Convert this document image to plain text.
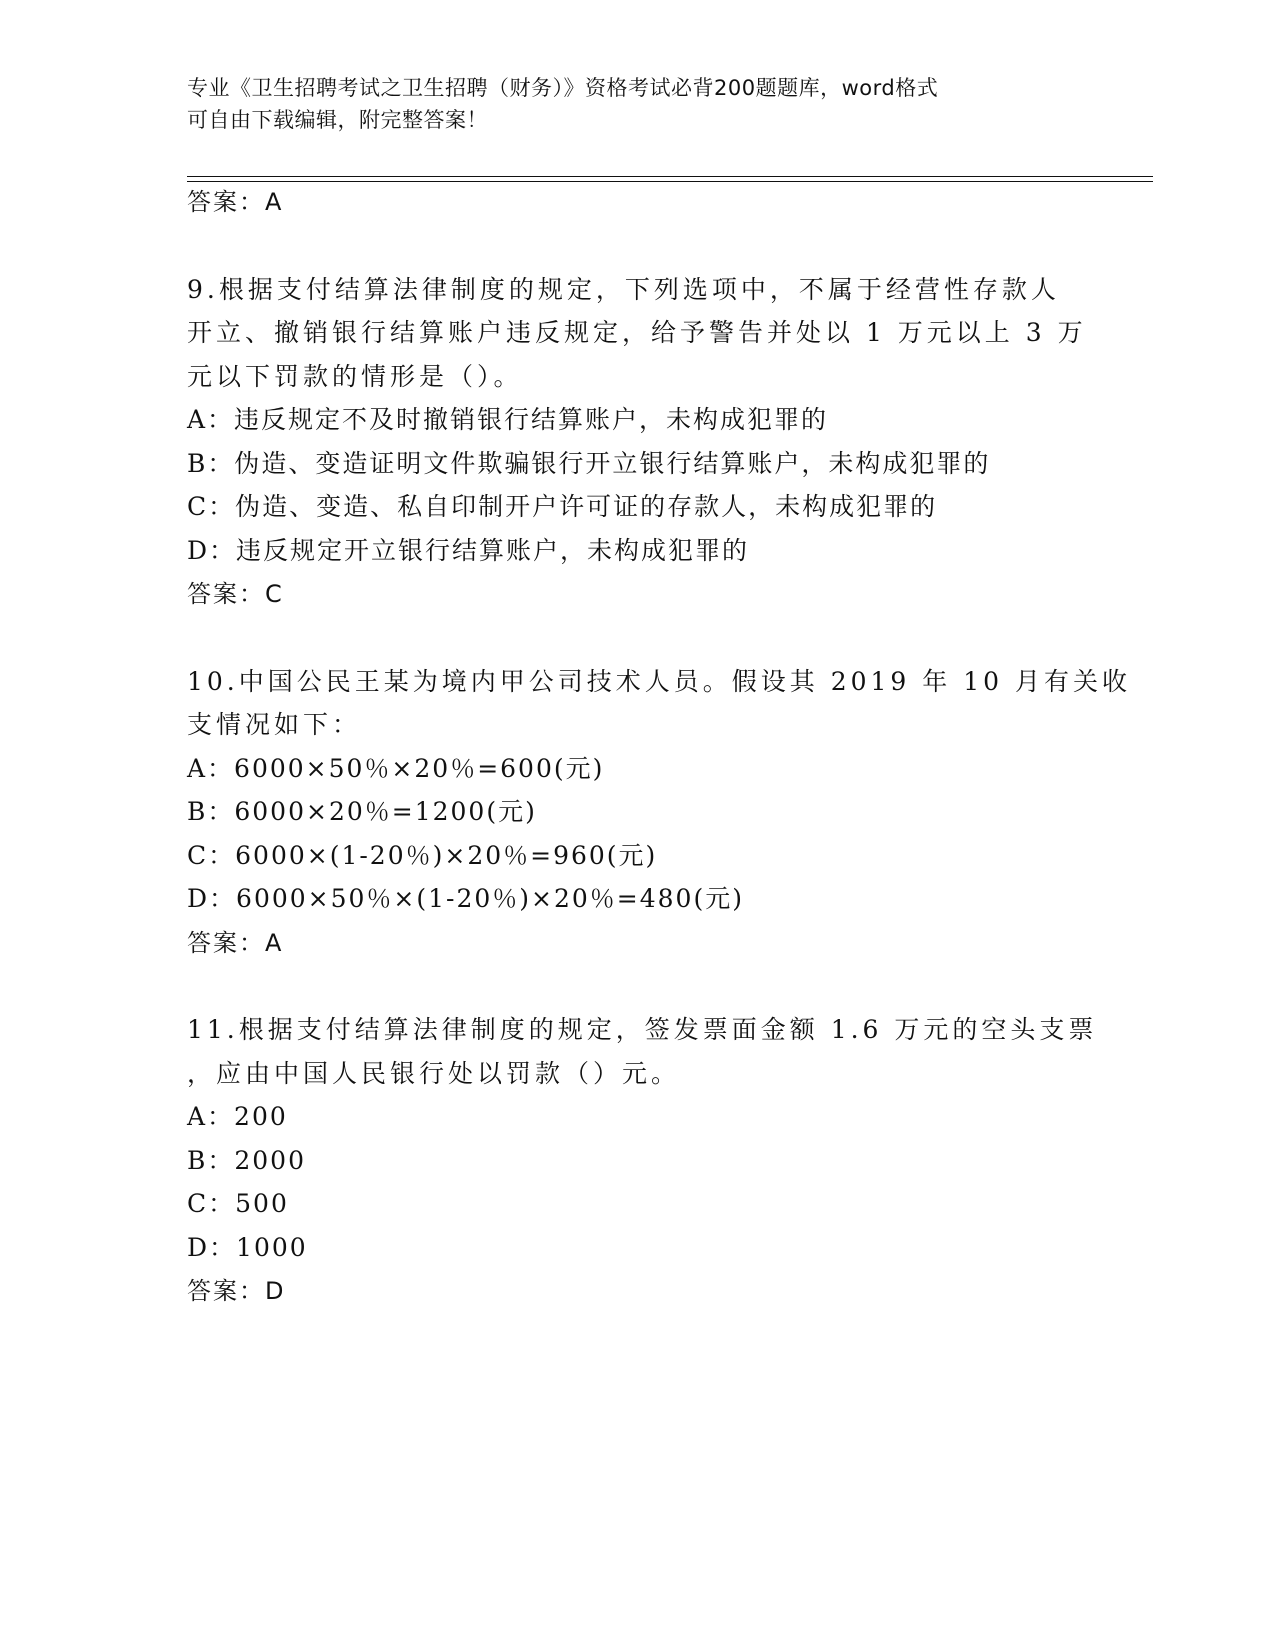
专业《卫生招聘考试之卫生招聘（财务）》资格考试必背200题题库，word格式
可自由下载编辑，附完整答案！
答案：A
9.根据支付结算法律制度的规定，下列选项中，不属于经营性存款人
开立、撤销银行结算账户违反规定，给予警告并处以 1 万元以上 3 万
元以下罚款的情形是（）。
A：违反规定不及时撤销银行结算账户，未构成犯罪的
B：伪造、变造证明文件欺骗银行开立银行结算账户，未构成犯罪的
C：伪造、变造、私自印制开户许可证的存款人，未构成犯罪的
D：违反规定开立银行结算账户，未构成犯罪的
答案：C
10.中国公民王某为境内甲公司技术人员。假设其 2019 年 10 月有关收
支情况如下：
A：6000×50％×20％=600(元)
B：6000×20％=1200(元)
C：6000×(1-20％)×20％=960(元)
D：6000×50％×(1-20％)×20％=480(元)
答案：A
11.根据支付结算法律制度的规定，签发票面金额 1.6 万元的空头支票
，应由中国人民银行处以罚款（）元。
A：200
B：2000
C：500
D：1000
答案：D
